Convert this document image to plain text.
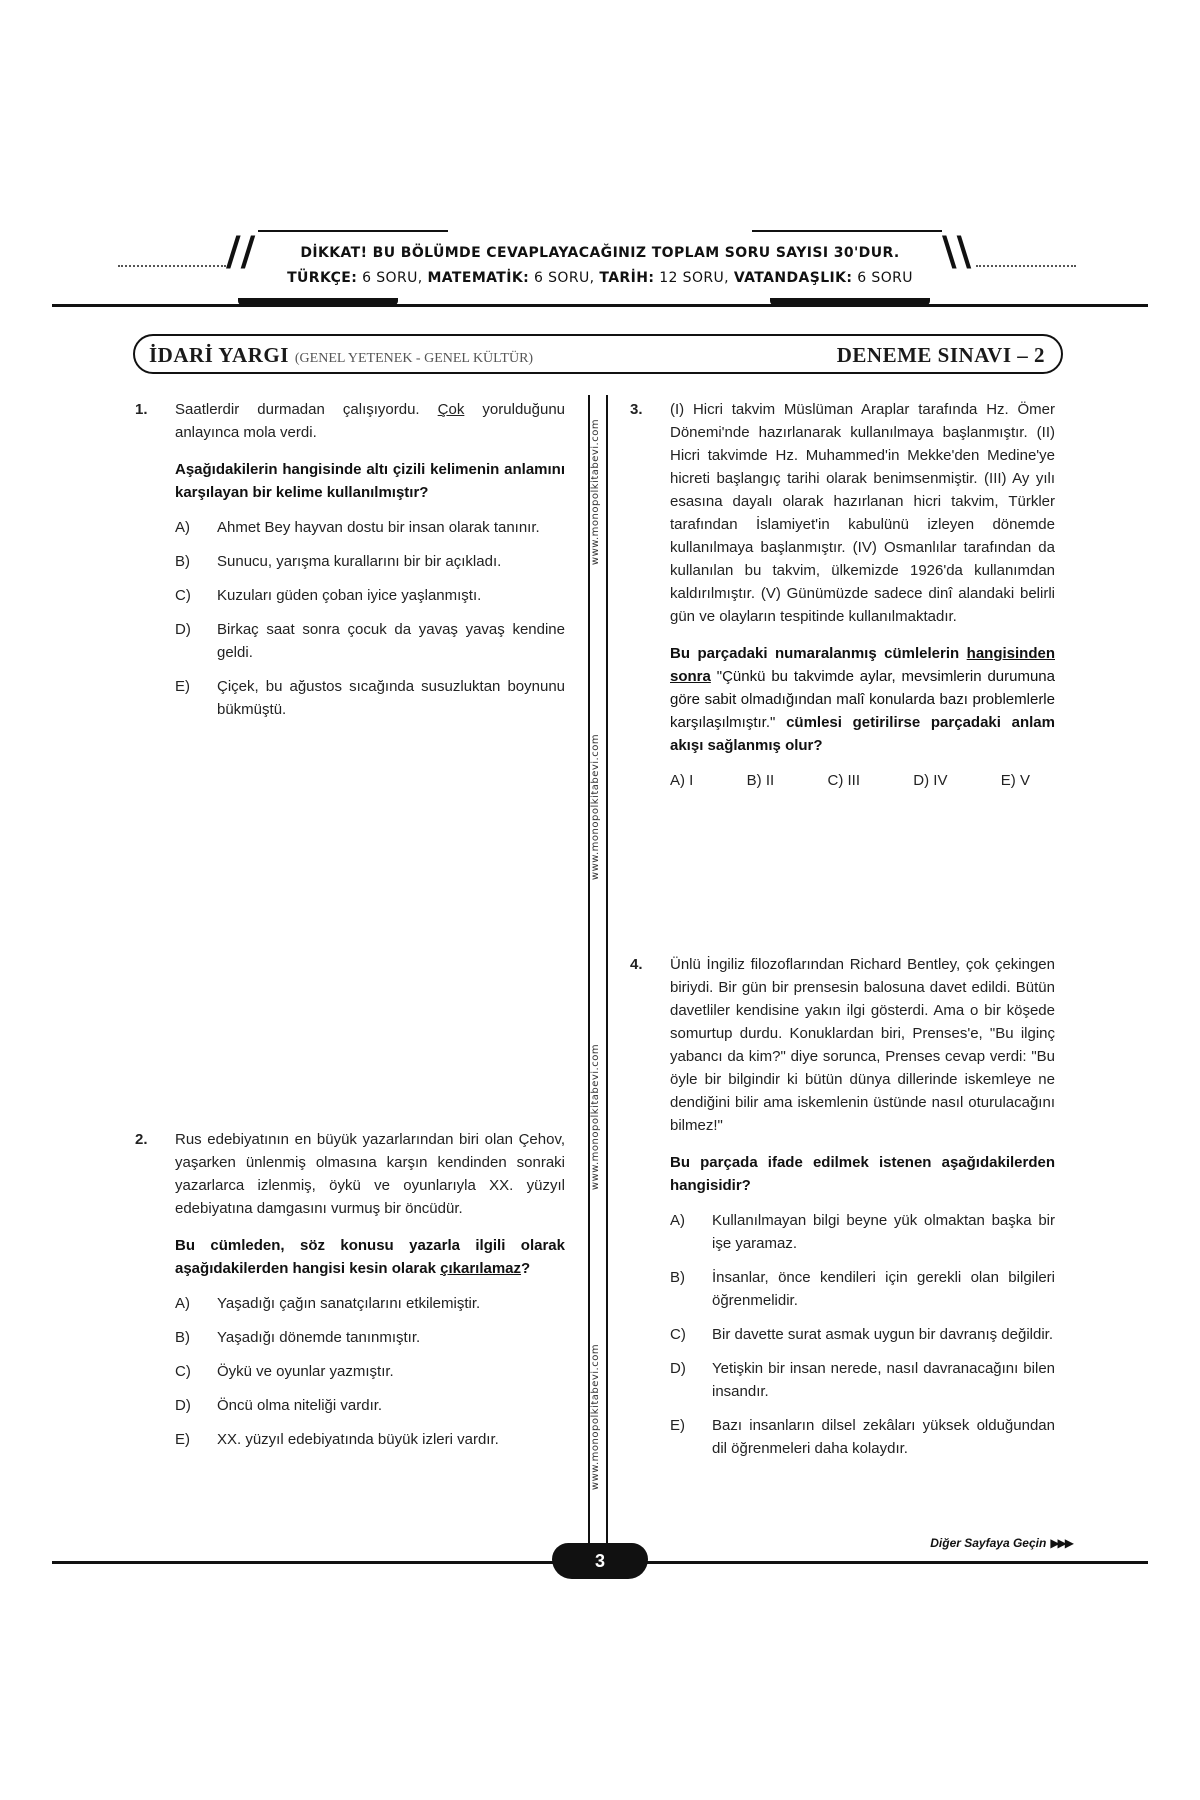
//	\\
DİKKAT! BU BÖLÜMDE CEVAPLAYACAĞINIZ TOPLAM SORU SAYISI 30'DUR.
TÜRKÇE: 6 SORU, MATEMATİK: 6 SORU, TARİH: 12 SORU, VATANDAŞLIK: 6 SORU
İDARİ YARGI (GENEL YETENEK - GENEL KÜLTÜR)	DENEME SINAVI – 2
www.monopolkitabevi.com
www.monopolkitabevi.com
www.monopolkitabevi.com
www.monopolkitabevi.com
1. Saatlerdir durmadan çalışıyordu. Çok yorulduğunu anlayınca mola verdi.

Aşağıdakilerin hangisinde altı çizili kelimenin anlamını karşılayan bir kelime kullanılmıştır?

A) Ahmet Bey hayvan dostu bir insan olarak tanınır.
B) Sunucu, yarışma kurallarını bir bir açıkladı.
C) Kuzuları güden çoban iyice yaşlanmıştı.
D) Birkaç saat sonra çocuk da yavaş yavaş kendine geldi.
E) Çiçek, bu ağustos sıcağında susuzluktan boynunu bükmüştü.
2. Rus edebiyatının en büyük yazarlarından biri olan Çehov, yaşarken ünlenmiş olmasına karşın kendinden sonraki yazarlarca izlenmiş, öykü ve oyunlarıyla XX. yüzyıl edebiyatına damgasını vurmuş bir öncüdür.

Bu cümleden, söz konusu yazarla ilgili olarak aşağıdakilerden hangisi kesin olarak çıkarılamaz?

A) Yaşadığı çağın sanatçılarını etkilemiştir.
B) Yaşadığı dönemde tanınmıştır.
C) Öykü ve oyunlar yazmıştır.
D) Öncü olma niteliği vardır.
E) XX. yüzyıl edebiyatında büyük izleri vardır.
3. (I) Hicri takvim Müslüman Araplar tarafında Hz. Ömer Dönemi'nde hazırlanarak kullanılmaya başlanmıştır. (II) Hicri takvimde Hz. Muhammed'in Mekke'den Medine'ye hicreti başlangıç tarihi olarak benimsenmiştir. (III) Ay yılı esasına dayalı olarak hazırlanan hicri takvim, Türkler tarafından İslamiyet'in kabulünü izleyen dönemde kullanılmaya başlanmıştır. (IV) Osmanlılar tarafından da kullanılan bu takvim, ülkemizde 1926'da kullanımdan kaldırılmıştır. (V) Günümüzde sadece dinî alandaki belirli gün ve olayların tespitinde kullanılmaktadır.

Bu parçadaki numaralanmış cümlelerin hangisinden sonra "Çünkü bu takvimde aylar, mevsimlerin durumuna göre sabit olmadığından malî konularda bazı problemlerle karşılaşılmıştır." cümlesi getirilirse parçadaki anlam akışı sağlanmış olur?

A) I	B) II	C) III	D) IV	E) V
4. Ünlü İngiliz filozoflarından Richard Bentley, çok çekingen biriydi. Bir gün bir prensesin balosuna davet edildi. Bütün davetliler kendisine yakın ilgi gösterdi. Ama o bir köşede somurtup durdu. Konuklardan biri, Prenses'e, "Bu ilginç yabancı da kim?" diye sorunca, Prenses cevap verdi: "Bu öyle bir bilgindir ki bütün dünya dillerinde iskemleye ne dendiğini bilir ama iskemlenin üstünde nasıl oturulacağını bilmez!"

Bu parçada ifade edilmek istenen aşağıdakilerden hangisidir?

A) Kullanılmayan bilgi beyne yük olmaktan başka bir işe yaramaz.
B) İnsanlar, önce kendileri için gerekli olan bilgileri öğrenmelidir.
C) Bir davette surat asmak uygun bir davranış değildir.
D) Yetişkin bir insan nerede, nasıl davranacağını bilen insandır.
E) Bazı insanların dilsel zekâları yüksek olduğundan dil öğrenmeleri daha kolaydır.
3
Diğer Sayfaya Geçin ▶▶▶
